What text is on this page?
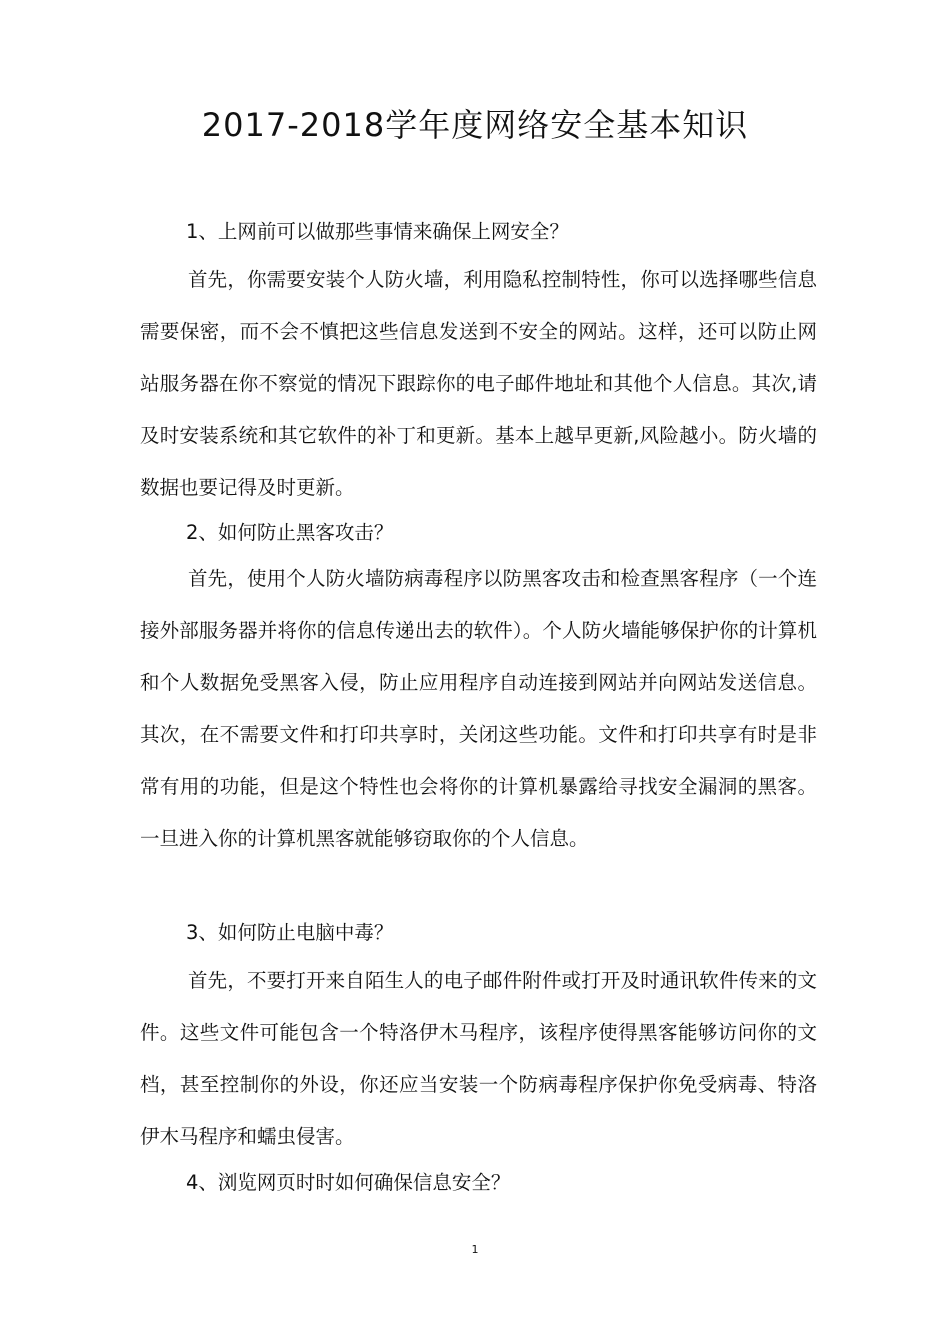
2017-2018学年度网络安全基本知识

1、上网前可以做那些事情来确保上网安全？

首先，你需要安装个人防火墙，利用隐私控制特性，你可以选择哪些信息需要保密，而不会不慎把这些信息发送到不安全的网站。这样，还可以防止网站服务器在你不察觉的情况下跟踪你的电子邮件地址和其他个人信息。其次,请及时安装系统和其它软件的补丁和更新。基本上越早更新,风险越小。防火墙的数据也要记得及时更新。

2、如何防止黑客攻击？

首先，使用个人防火墙防病毒程序以防黑客攻击和检查黑客程序（一个连接外部服务器并将你的信息传递出去的软件）。个人防火墙能够保护你的计算机和个人数据免受黑客入侵，防止应用程序自动连接到网站并向网站发送信息。其次，在不需要文件和打印共享时，关闭这些功能。文件和打印共享有时是非常有用的功能，但是这个特性也会将你的计算机暴露给寻找安全漏洞的黑客。一旦进入你的计算机黑客就能够窃取你的个人信息。

3、如何防止电脑中毒？

首先，不要打开来自陌生人的电子邮件附件或打开及时通讯软件传来的文件。这些文件可能包含一个特洛伊木马程序，该程序使得黑客能够访问你的文档，甚至控制你的外设，你还应当安装一个防病毒程序保护你免受病毒、特洛伊木马程序和蠕虫侵害。

4、浏览网页时时如何确保信息安全？

1
